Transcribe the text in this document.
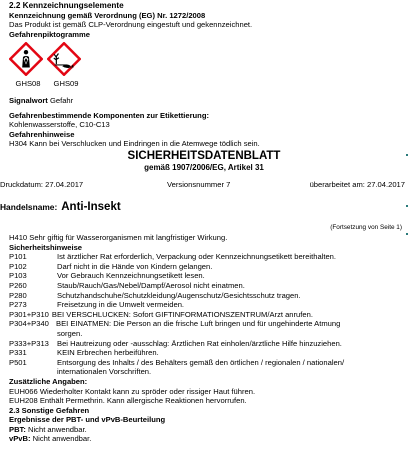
2.2 Kennzeichnungselemente
Kennzeichnung gemäß Verordnung (EG) Nr. 1272/2008
Das Produkt ist gemäß CLP-Verordnung eingestuft und gekennzeichnet.
Gefahrenpiktogramme
GHS08	GHS09
Signalwort Gefahr
Gefahrenbestimmende Komponenten zur Etikettierung:
Kohlenwasserstoffe, C10-C13
Gefahrenhinweise
H304 Kann bei Verschlucken und Eindringen in die Atemwege tödlich sein.
SICHERHEITSDATENBLATT
gemäß 1907/2006/EG, Artikel 31
Druckdatum: 27.04.2017	Versionsnummer 7	überarbeitet am: 27.04.2017
Handelsname: Anti-Insekt
(Fortsetzung von Seite 1)
H410 Sehr giftig für Wasserorganismen mit langfristiger Wirkung.
Sicherheitshinweise
P101	Ist ärztlicher Rat erforderlich, Verpackung oder Kennzeichnungsetikett bereithalten.
P102	Darf nicht in die Hände von Kindern gelangen.
P103	Vor Gebrauch Kennzeichnungsetikett lesen.
P260	Staub/Rauch/Gas/Nebel/Dampf/Aerosol nicht einatmen.
P280	Schutzhandschuhe/Schutzkleidung/Augenschutz/Gesichtsschutz tragen.
P273	Freisetzung in die Umwelt vermeiden.
P301+P310 BEI VERSCHLUCKEN: Sofort GIFTINFORMATIONSZENTRUM/Arzt anrufen.
P304+P340 BEI EINATMEN: Die Person an die frische Luft bringen und für ungehinderte Atmung
sorgen.
P333+P313	Bei Hautreizung oder -ausschlag: Ärztlichen Rat einholen/ärztliche Hilfe hinzuziehen.
P331	KEIN Erbrechen herbeiführen.
P501	Entsorgung des Inhalts / des Behälters gemäß den örtlichen / regionalen / nationalen/
internationalen Vorschriften.
Zusätzliche Angaben:
EUH066 Wiederholter Kontakt kann zu spröder oder rissiger Haut führen.
EUH208 Enthält Permethrin. Kann allergische Reaktionen hervorrufen.
2.3 Sonstige Gefahren
Ergebnisse der PBT- und vPvB-Beurteilung
PBT: Nicht anwendbar.
vPvB: Nicht anwendbar.
